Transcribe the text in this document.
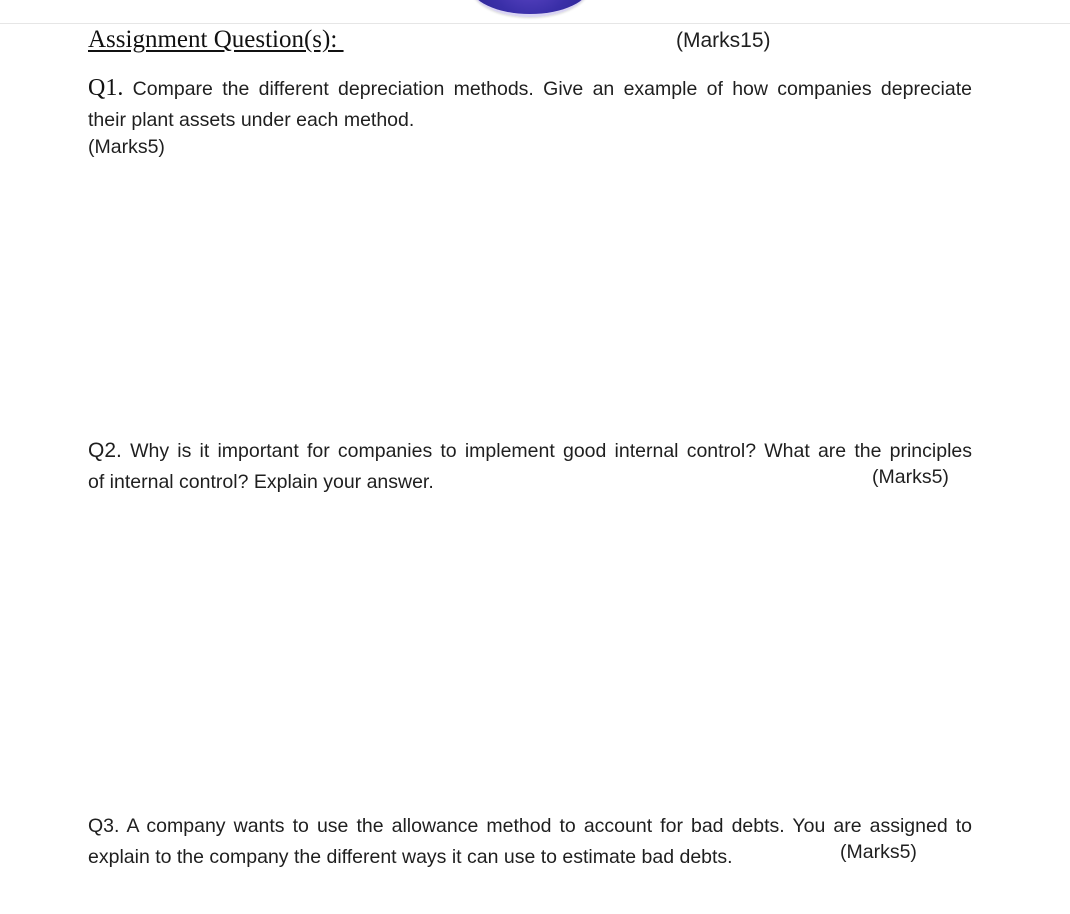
Assignment Question(s):	(Marks15)
Q1. Compare the different depreciation methods. Give an example of how companies depreciate
their plant assets under each method.
(Marks5)
Q2. Why is it important for companies to implement good internal control? What are the principles
of internal control? Explain your answer.	(Marks5)
Q3. A company wants to use the allowance method to account for bad debts. You are assigned to
explain to the company the different ways it can use to estimate bad debts.	(Marks5)
